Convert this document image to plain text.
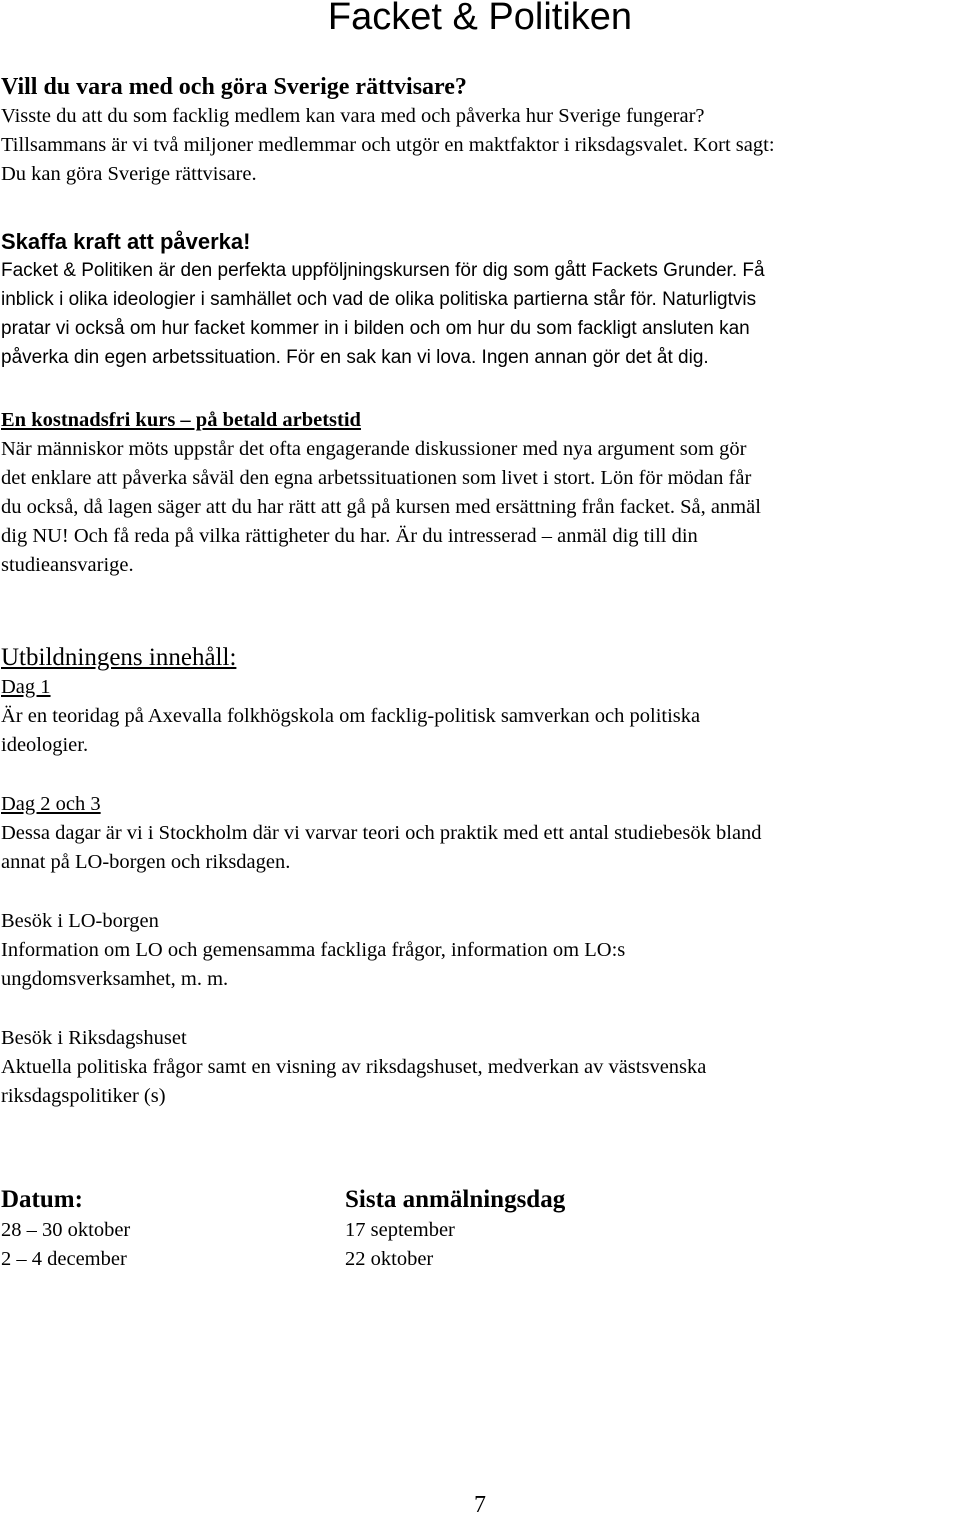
Facket & Politiken

Vill du vara med och göra Sverige rättvisare?

Visste du att du som facklig medlem kan vara med och påverka hur Sverige fungerar?

Tillsammans är vi två miljoner medlemmar och utgör en maktfaktor i riksdagsvalet. Kort sagt:

Du kan göra Sverige rättvisare.

Skaffa kraft att påverka!

Facket & Politiken är den perfekta uppföljningskursen för dig som gått Fackets Grunder. Få

inblick i olika ideologier i samhället och vad de olika politiska partierna står för. Naturligtvis

pratar vi också om hur facket kommer in i bilden och om hur du som fackligt ansluten kan

påverka din egen arbetssituation. För en sak kan vi lova. Ingen annan gör det åt dig.

En kostnadsfri kurs – på betald arbetstid

När människor möts uppstår det ofta engagerande diskussioner med nya argument som gör

det enklare att påverka såväl den egna arbetssituationen som livet i stort. Lön för mödan får

du också, då lagen säger att du har rätt att gå på kursen med ersättning från facket. Så, anmäl

dig NU! Och få reda på vilka rättigheter du har. Är du intresserad – anmäl dig till din

studieansvarige.

Utbildningens innehåll:

Dag 1

Är en teoridag på Axevalla folkhögskola om facklig-politisk samverkan och politiska

ideologier.

Dag 2 och 3

Dessa dagar är vi i Stockholm där vi varvar teori och praktik med ett antal studiebesök bland

annat på LO-borgen och riksdagen.

Besök i LO-borgen

Information om LO och gemensamma fackliga frågor, information om LO:s

ungdomsverksamhet, m. m.

Besök i Riksdagshuset

Aktuella politiska frågor samt en visning av riksdagshuset, medverkan av västsvenska

riksdagspolitiker (s)

Datum:

28 – 30 oktober
2 – 4 december

Sista anmälningsdag

17 september
22 oktober
7
